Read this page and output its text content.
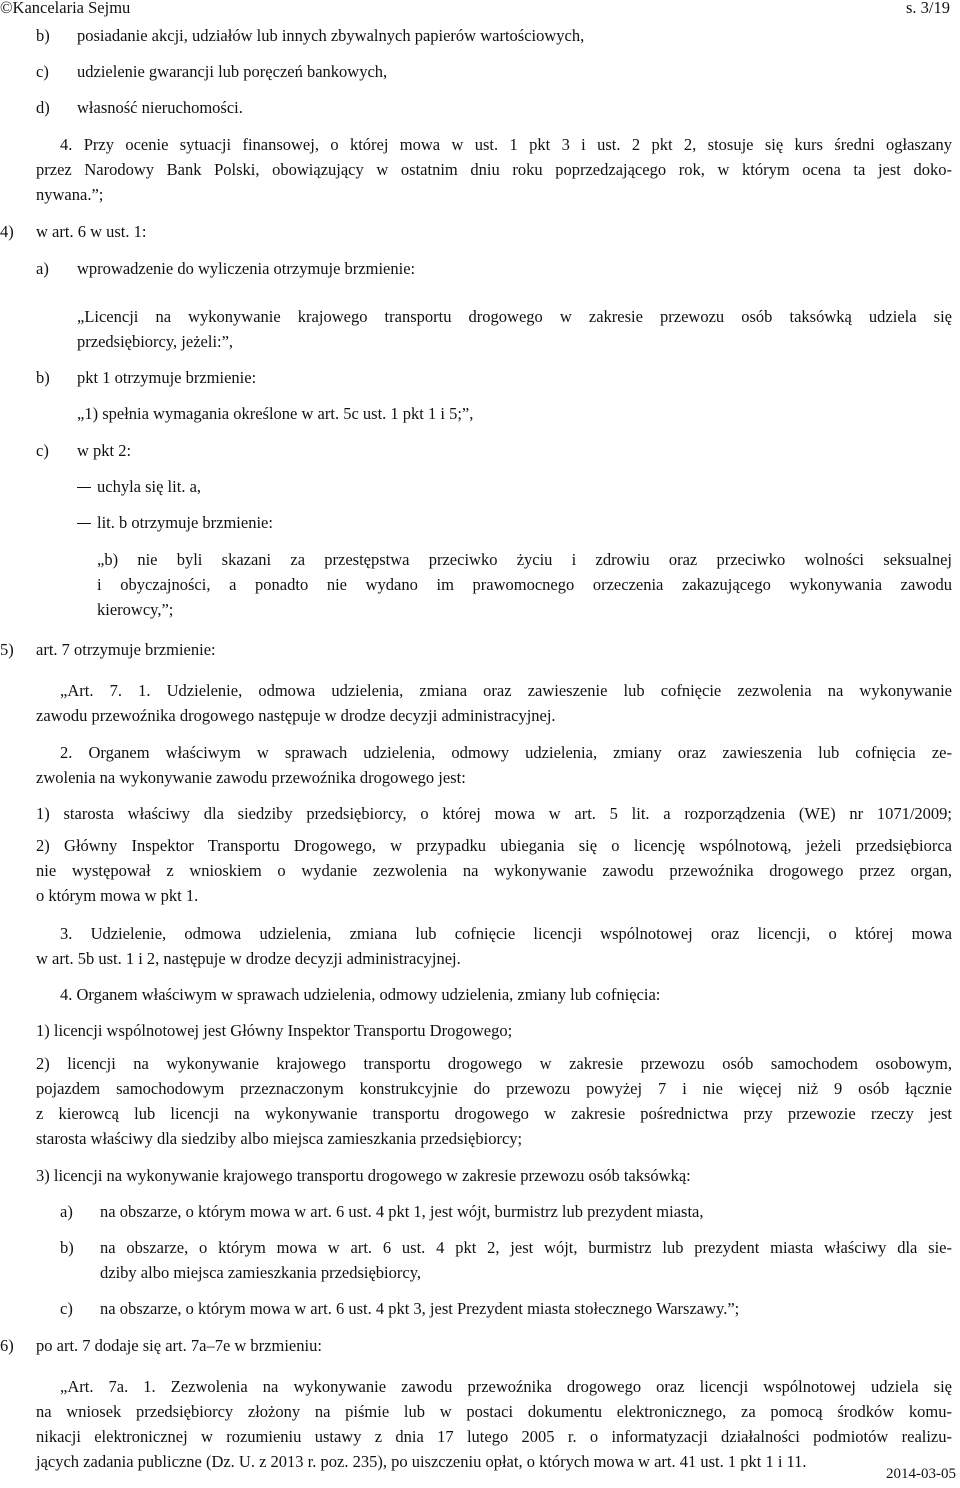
©Kancelaria Sejmu	s. 3/19
b) posiadanie akcji, udziałów lub innych zbywalnych papierów wartościowych,
c) udzielenie gwarancji lub poręczeń bankowych,
d) własność nieruchomości.
4. Przy ocenie sytuacji finansowej, o której mowa w ust. 1 pkt 3 i ust. 2 pkt 2, stosuje się kurs średni ogłaszany
przez Narodowy Bank Polski, obowiązujący w ostatnim dniu roku poprzedzającego rok, w którym ocena ta jest doko-
nywana.”;
4) w art. 6 w ust. 1:
a) wprowadzenie do wyliczenia otrzymuje brzmienie:
„Licencji na wykonywanie krajowego transportu drogowego w zakresie przewozu osób taksówką udziela się
przedsiębiorcy, jeżeli:”,
b) pkt 1 otrzymuje brzmienie:
„1) spełnia wymagania określone w art. 5c ust. 1 pkt 1 i 5;”,
c) w pkt 2:
uchyla się lit. a,
lit. b otrzymuje brzmienie:
„b) nie byli skazani za przestępstwa przeciwko życiu i zdrowiu oraz przeciwko wolności seksualnej
i obyczajności, a ponadto nie wydano im prawomocnego orzeczenia zakazującego wykonywania zawodu
kierowcy,”;
5) art. 7 otrzymuje brzmienie:
„Art. 7. 1. Udzielenie, odmowa udzielenia, zmiana oraz zawieszenie lub cofnięcie zezwolenia na wykonywanie
zawodu przewoźnika drogowego następuje w drodze decyzji administracyjnej.
2. Organem właściwym w sprawach udzielenia, odmowy udzielenia, zmiany oraz zawieszenia lub cofnięcia ze-
zwolenia na wykonywanie zawodu przewoźnika drogowego jest:
1) starosta właściwy dla siedziby przedsiębiorcy, o której mowa w art. 5 lit. a rozporządzenia (WE) nr 1071/2009;
2) Główny Inspektor Transportu Drogowego, w przypadku ubiegania się o licencję wspólnotową, jeżeli przedsiębiorca
nie występował z wnioskiem o wydanie zezwolenia na wykonywanie zawodu przewoźnika drogowego przez organ,
o którym mowa w pkt 1.
3. Udzielenie, odmowa udzielenia, zmiana lub cofnięcie licencji wspólnotowej oraz licencji, o której mowa
w art. 5b ust. 1 i 2, następuje w drodze decyzji administracyjnej.
4. Organem właściwym w sprawach udzielenia, odmowy udzielenia, zmiany lub cofnięcia:
1) licencji wspólnotowej jest Główny Inspektor Transportu Drogowego;
2) licencji na wykonywanie krajowego transportu drogowego w zakresie przewozu osób samochodem osobowym,
pojazdem samochodowym przeznaczonym konstrukcyjnie do przewozu powyżej 7 i nie więcej niż 9 osób łącznie
z kierowcą lub licencji na wykonywanie transportu drogowego w zakresie pośrednictwa przy przewozie rzeczy jest
starosta właściwy dla siedziby albo miejsca zamieszkania przedsiębiorcy;
3) licencji na wykonywanie krajowego transportu drogowego w zakresie przewozu osób taksówką:
a) na obszarze, o którym mowa w art. 6 ust. 4 pkt 1, jest wójt, burmistrz lub prezydent miasta,
b) na obszarze, o którym mowa w art. 6 ust. 4 pkt 2, jest wójt, burmistrz lub prezydent miasta właściwy dla sie-
dziby albo miejsca zamieszkania przedsiębiorcy,
c) na obszarze, o którym mowa w art. 6 ust. 4 pkt 3, jest Prezydent miasta stołecznego Warszawy.”;
6) po art. 7 dodaje się art. 7a–7e w brzmieniu:
„Art. 7a. 1. Zezwolenia na wykonywanie zawodu przewoźnika drogowego oraz licencji wspólnotowej udziela się
na wniosek przedsiębiorcy złożony na piśmie lub w postaci dokumentu elektronicznego, za pomocą środków komu-
nikacji elektronicznej w rozumieniu ustawy z dnia 17 lutego 2005 r. o informatyzacji działalności podmiotów realizu-
jących zadania publiczne (Dz. U. z 2013 r. poz. 235), po uiszczeniu opłat, o których mowa w art. 41 ust. 1 pkt 1 i 11.
2014-03-05
